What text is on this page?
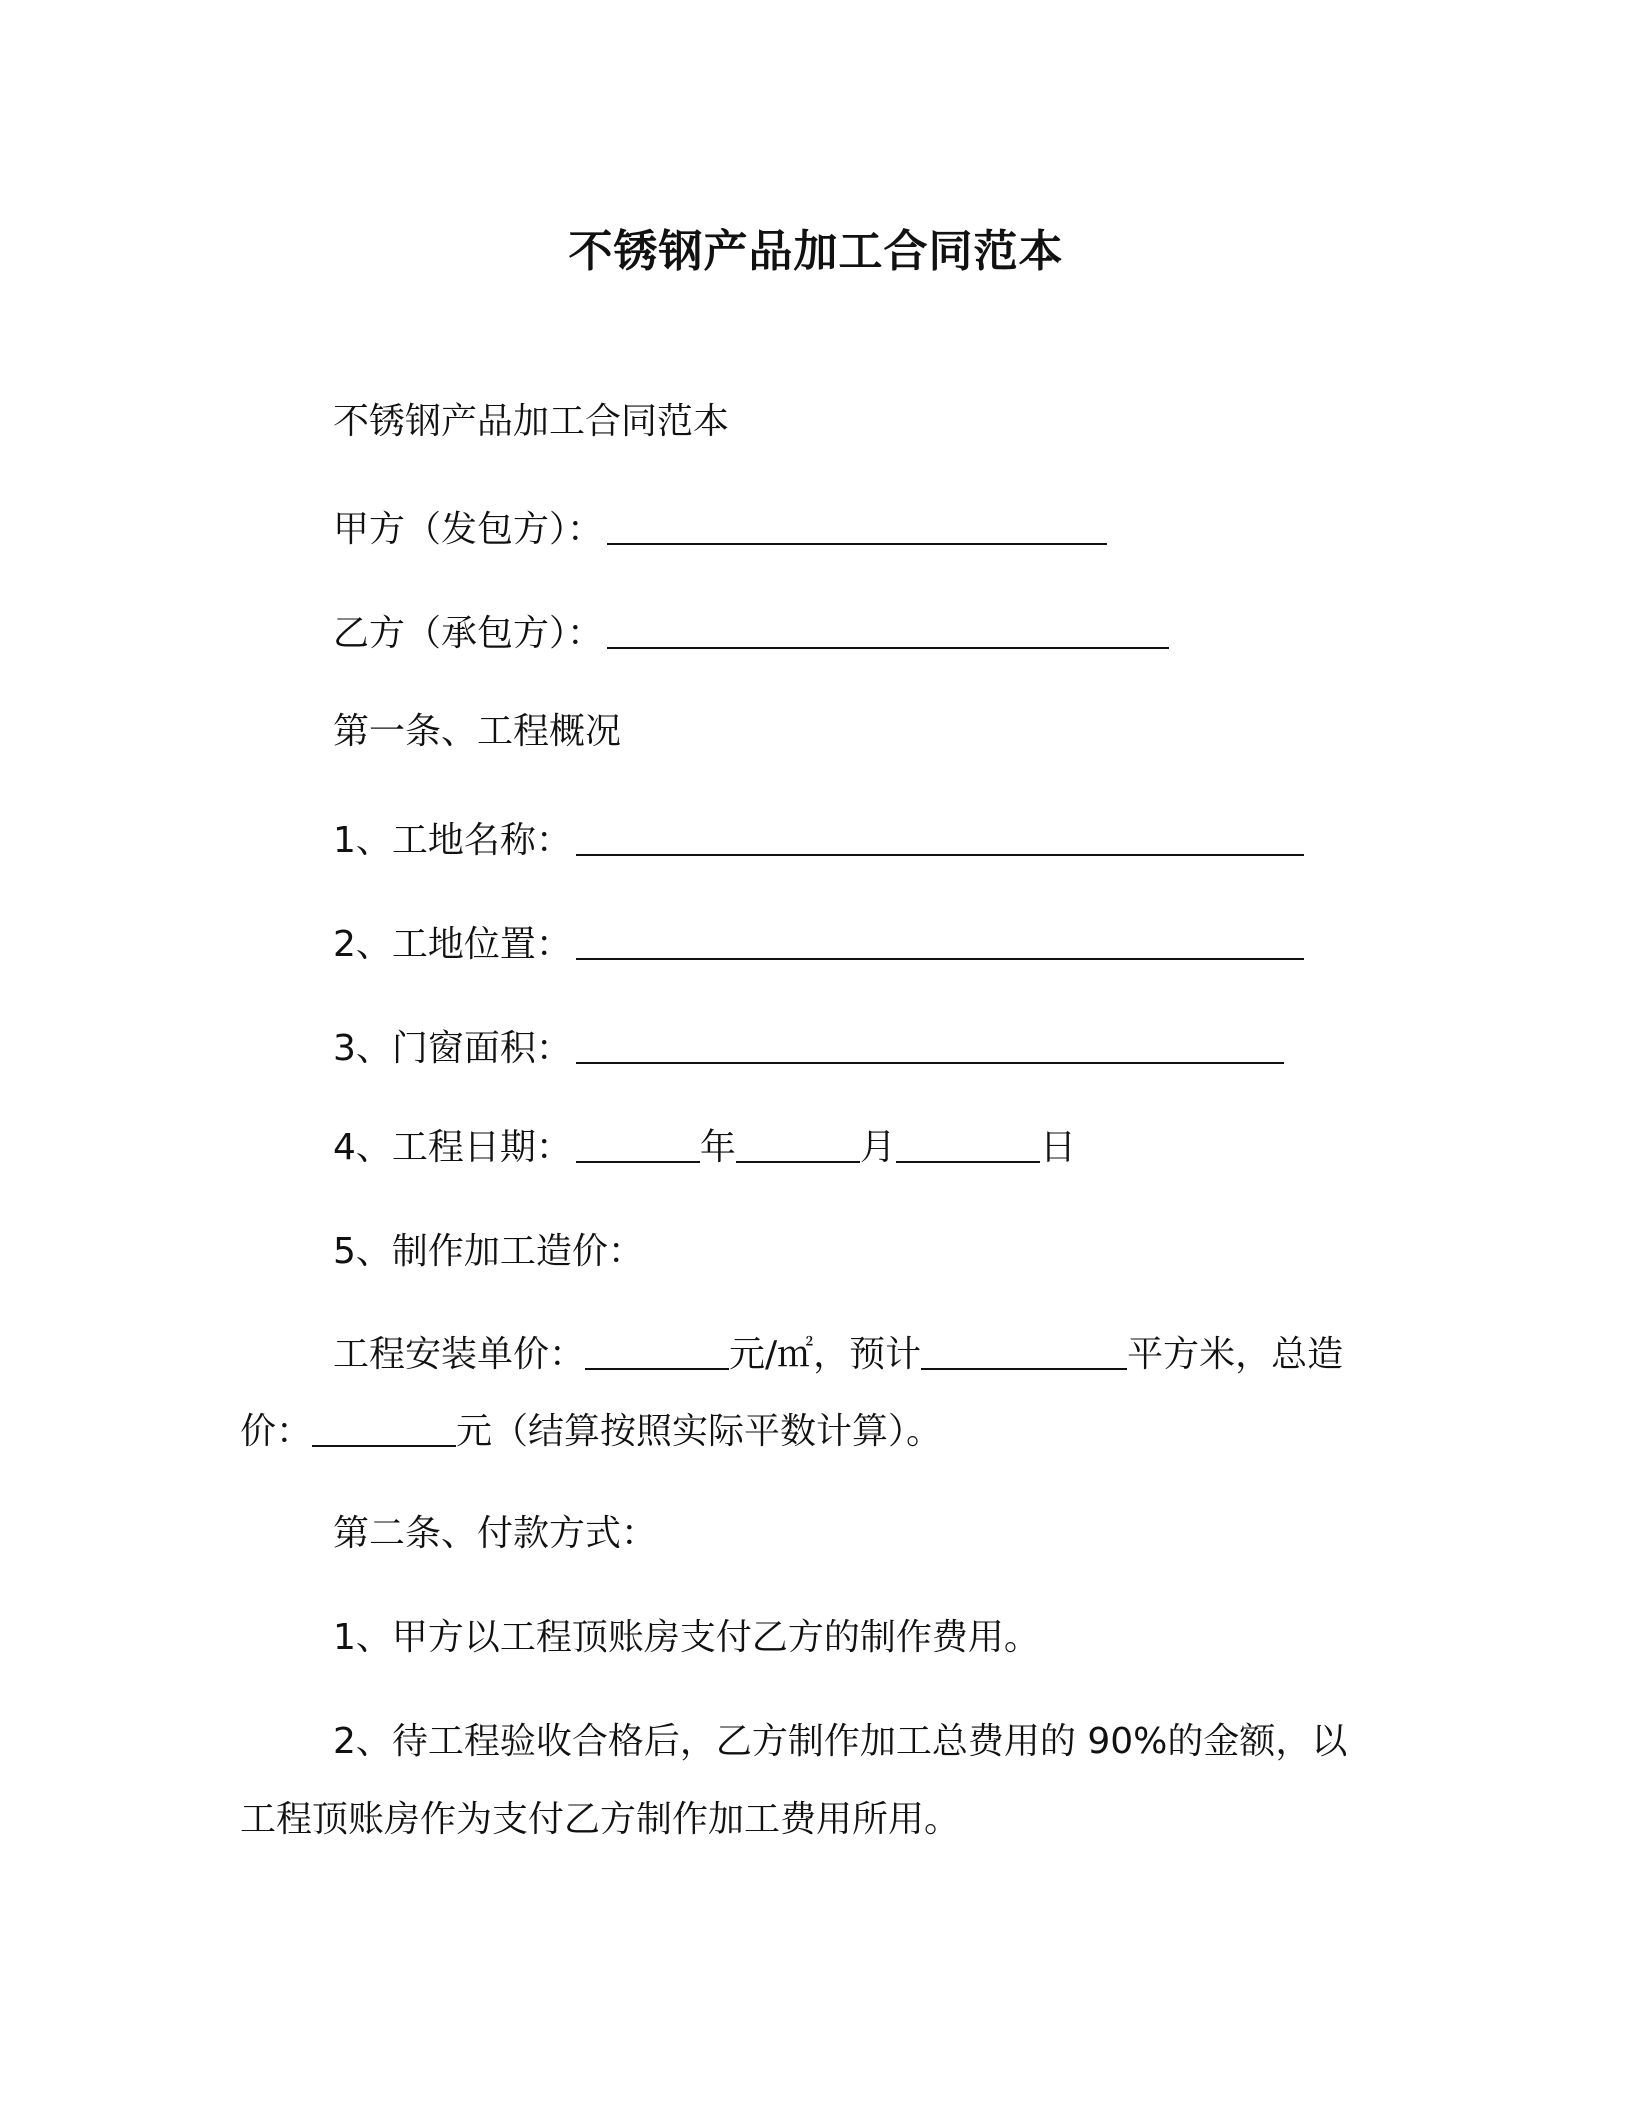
不锈钢产品加工合同范本
不锈钢产品加工合同范本
甲方（发包方）：
乙方（承包方）：
第一条、工程概况
1、工地名称：
2、工地位置：
3、门窗面积：
4、工程日期：	年	月	日
5、制作加工造价：
工程安装单价：	元/㎡，预计	平方米，总造
价：	元（结算按照实际平数计算）。
第二条、付款方式：
1、甲方以工程顶账房支付乙方的制作费用。
2、待工程验收合格后，乙方制作加工总费用的 90%的金额，以
工程顶账房作为支付乙方制作加工费用所用。
